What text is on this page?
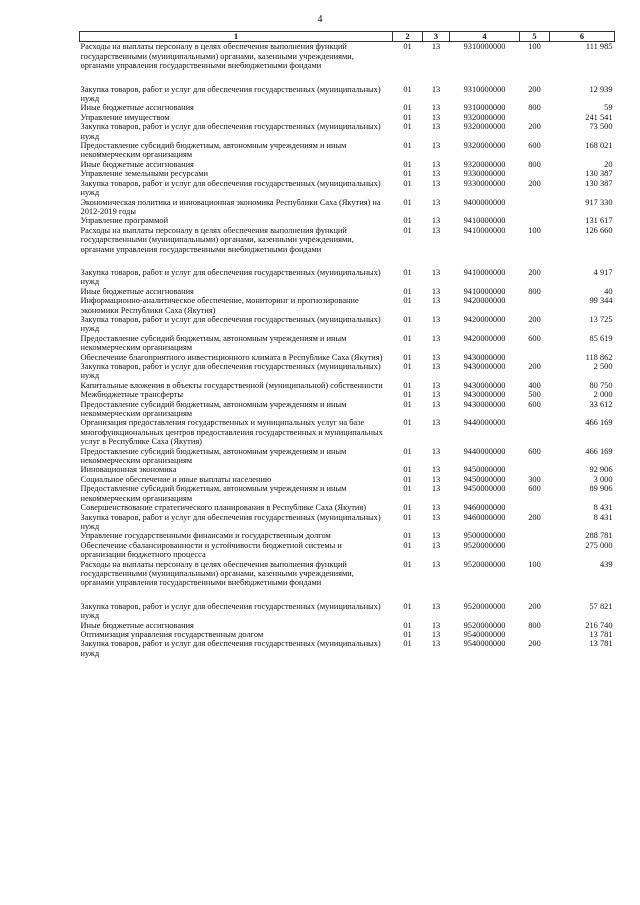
4
1	2	3	4	5	6
Расходы на выплаты персоналу в целях обеспечения выполнения функций государственными (муниципальными) органами, казенными учреждениями, органами управления государственными внебюджетными фондами	01	13	9310000000	100	111 985

Закупка товаров, работ и услуг для обеспечения государственных (муниципальных) нужд	01	13	9310000000	200	12 939
Иные бюджетные ассигнования	01	13	9310000000	800	59
Управление имуществом	01	13	9320000000		241 541
Закупка товаров, работ и услуг для обеспечения государственных (муниципальных) нужд	01	13	9320000000	200	73 500
Предоставление субсидий бюджетным, автономным учреждениям и иным некоммерческим организациям	01	13	9320000000	600	168 021
Иные бюджетные ассигнования	01	13	9320000000	800	20
Управление земельными ресурсами	01	13	9330000000		130 387
Закупка товаров, работ и услуг для обеспечения государственных (муниципальных) нужд	01	13	9330000000	200	130 387
Экономическая политика и инновационная экономика Республики Саха (Якутия) на 2012-2019 годы	01	13	9400000000		917 330
Управление программой	01	13	9410000000		131 617
Расходы на выплаты персоналу в целях обеспечения выполнения функций государственными (муниципальными) органами, казенными учреждениями, органами управления государственными внебюджетными фондами	01	13	9410000000	100	126 660

Закупка товаров, работ и услуг для обеспечения государственных (муниципальных) нужд	01	13	9410000000	200	4 917
Иные бюджетные ассигнования	01	13	9410000000	800	40
Информационно-аналитическое обеспечение, мониторинг и прогнозирование экономики Республики Саха (Якутия)	01	13	9420000000		99 344
Закупка товаров, работ и услуг для обеспечения государственных (муниципальных) нужд	01	13	9420000000	200	13 725
Предоставление субсидий бюджетным, автономным учреждениям и иным некоммерческим организациям	01	13	9420000000	600	85 619
Обеспечение благоприятного инвестиционного климата в Республике Саха (Якутия)	01	13	9430000000		118 862
Закупка товаров, работ и услуг для обеспечения государственных (муниципальных) нужд	01	13	9430000000	200	2 500
Капитальные вложения в объекты государственной (муниципальной) собственности	01	13	9430000000	400	80 750
Межбюджетные трансферты	01	13	9430000000	500	2 000
Предоставление субсидий бюджетным, автономным учреждениям и иным некоммерческим организациям	01	13	9430000000	600	33 612
Организация предоставления государственных и муниципальных услуг на базе многофункциональных центров предоставления государственных и муниципальных услуг в Республике Саха (Якутия)	01	13	9440000000		466 169
Предоставление субсидий бюджетным, автономным учреждениям и иным некоммерческим организациям	01	13	9440000000	600	466 169
Инновационная экономика	01	13	9450000000		92 906
Социальное обеспечение и иные выплаты населению	01	13	9450000000	300	3 000
Предоставление субсидий бюджетным, автономным учреждениям и иным некоммерческим организациям	01	13	9450000000	600	89 906
Совершенствование стратегического планирования в Республике Саха (Якутия)	01	13	9460000000		8 431
Закупка товаров, работ и услуг для обеспечения государственных (муниципальных) нужд	01	13	9460000000	200	8 431
Управление государственными финансами и государственным долгом	01	13	9500000000		288 781
Обеспечение сбалансированности и устойчивости бюджетной системы и организации бюджетного процесса	01	13	9520000000		275 000
Расходы на выплаты персоналу в целях обеспечения выполнения функций государственными (муниципальными) органами, казенными учреждениями, органами управления государственными внебюджетными фондами	01	13	9520000000	100	439

Закупка товаров, работ и услуг для обеспечения государственных (муниципальных) нужд	01	13	9520000000	200	57 821
Иные бюджетные ассигнования	01	13	9520000000	800	216 740
Оптимизация управления государственным долгом	01	13	9540000000		13 781
Закупка товаров, работ и услуг для обеспечения государственных (муниципальных) нужд	01	13	9540000000	200	13 781
